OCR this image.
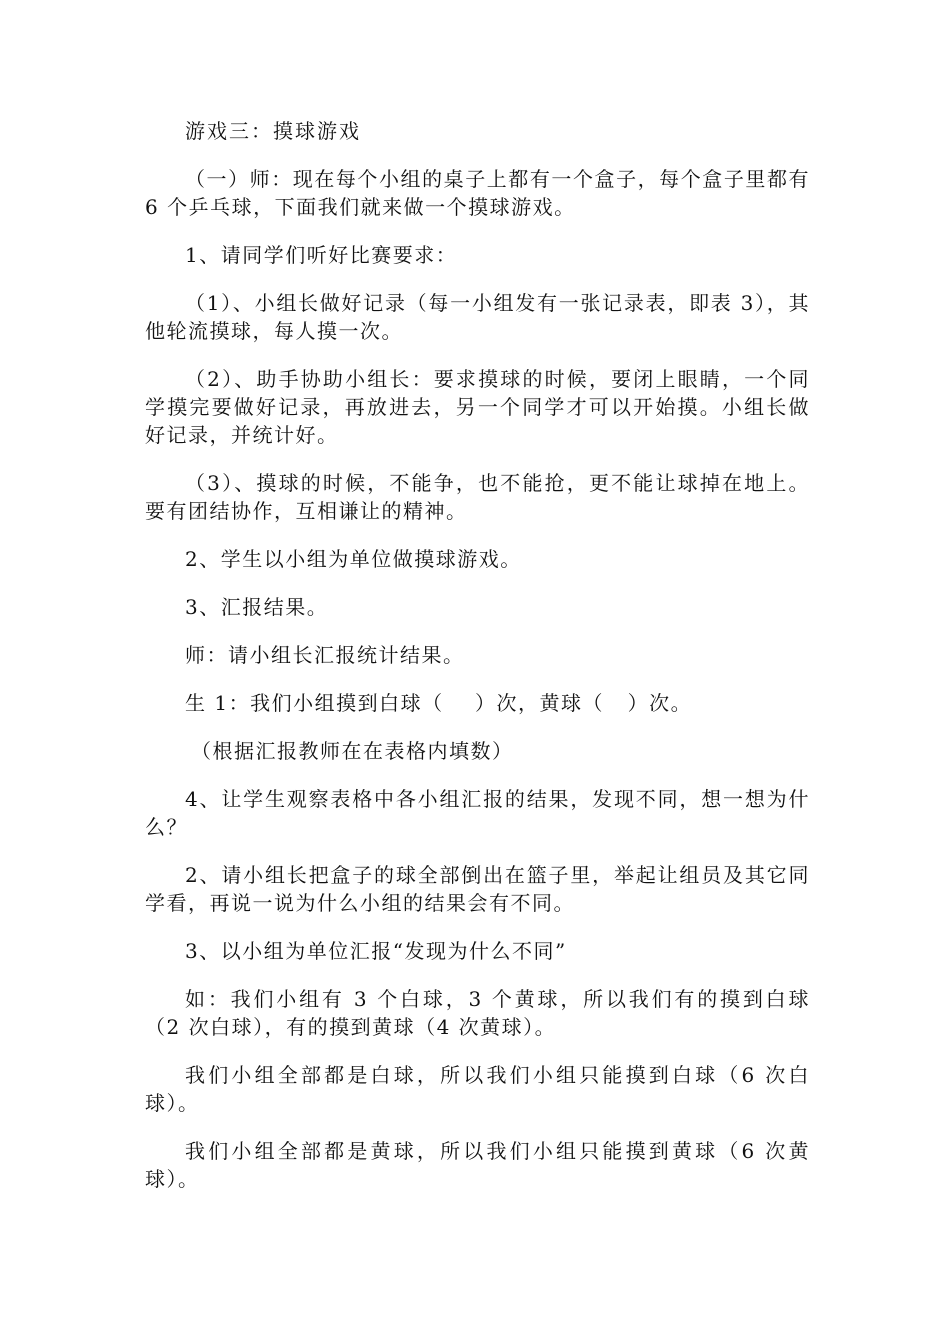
游戏三：摸球游戏

（一）师：现在每个小组的桌子上都有一个盒子，每个盒子里都有 6 个乒乓球，下面我们就来做一个摸球游戏。

1、请同学们听好比赛要求：

（1）、小组长做好记录（每一小组发有一张记录表，即表 3），其他轮流摸球，每人摸一次。

（2）、助手协助小组长：要求摸球的时候，要闭上眼睛，一个同学摸完要做好记录，再放进去，另一个同学才可以开始摸。小组长做好记录，并统计好。

（3）、摸球的时候，不能争，也不能抢，更不能让球掉在地上。要有团结协作，互相谦让的精神。

2、学生以小组为单位做摸球游戏。

3、汇报结果。

师：请小组长汇报统计结果。

生 1：我们小组摸到白球（    ）次，黄球（   ）次。

（根据汇报教师在在表格内填数）

4、让学生观察表格中各小组汇报的结果，发现不同，想一想为什么？

2、请小组长把盒子的球全部倒出在篮子里，举起让组员及其它同学看，再说一说为什么小组的结果会有不同。

3、以小组为单位汇报“发现为什么不同”

如：我们小组有 3 个白球，3 个黄球，所以我们有的摸到白球（2 次白球），有的摸到黄球（4 次黄球）。

我们小组全部都是白球，所以我们小组只能摸到白球（6 次白球）。

我们小组全部都是黄球，所以我们小组只能摸到黄球（6 次黄球）。
